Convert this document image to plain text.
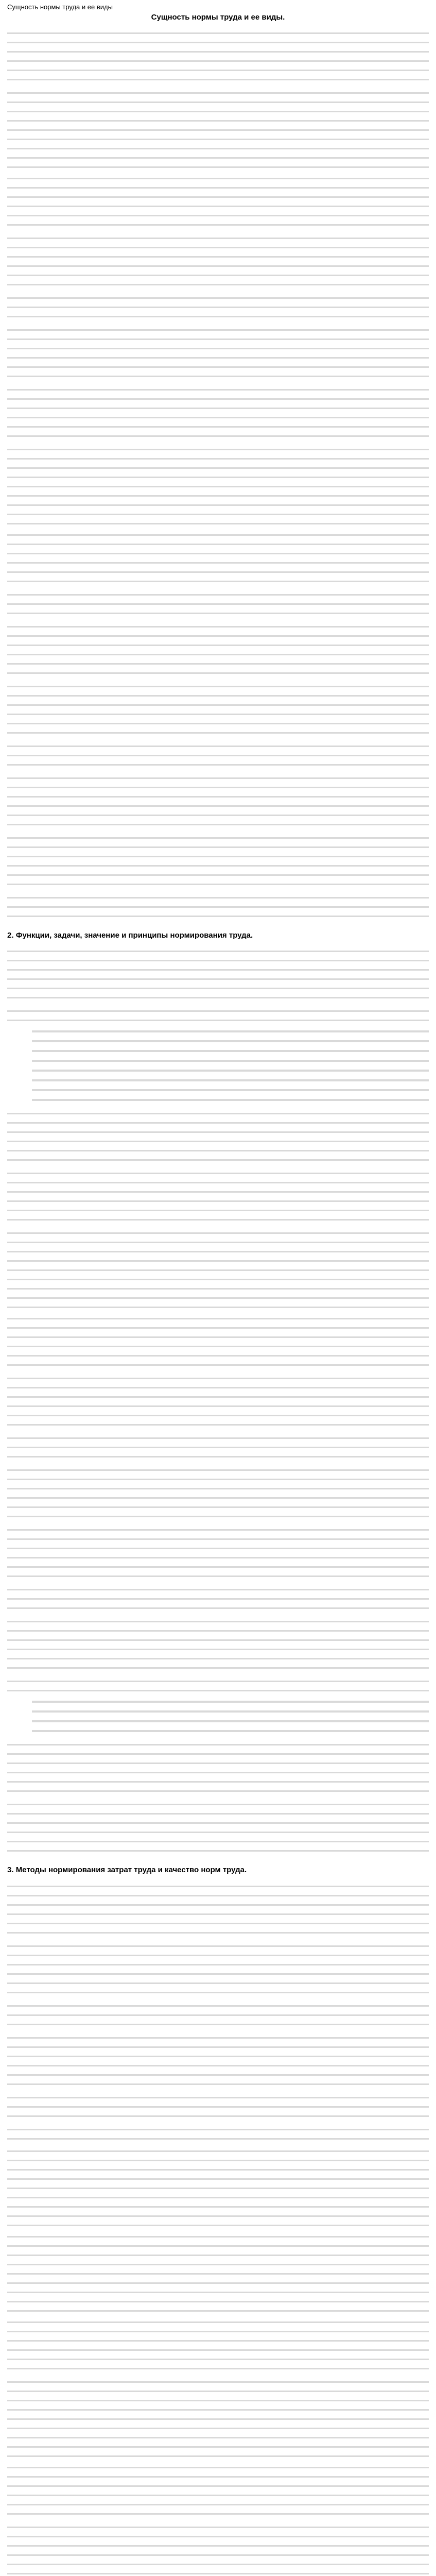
Сущность нормы труда и ее виды
Сущность нормы труда и ее виды.

2. Функции, задачи, значение и принципы нормирования труда.

3. Методы нормирования затрат труда и качество норм труда.
